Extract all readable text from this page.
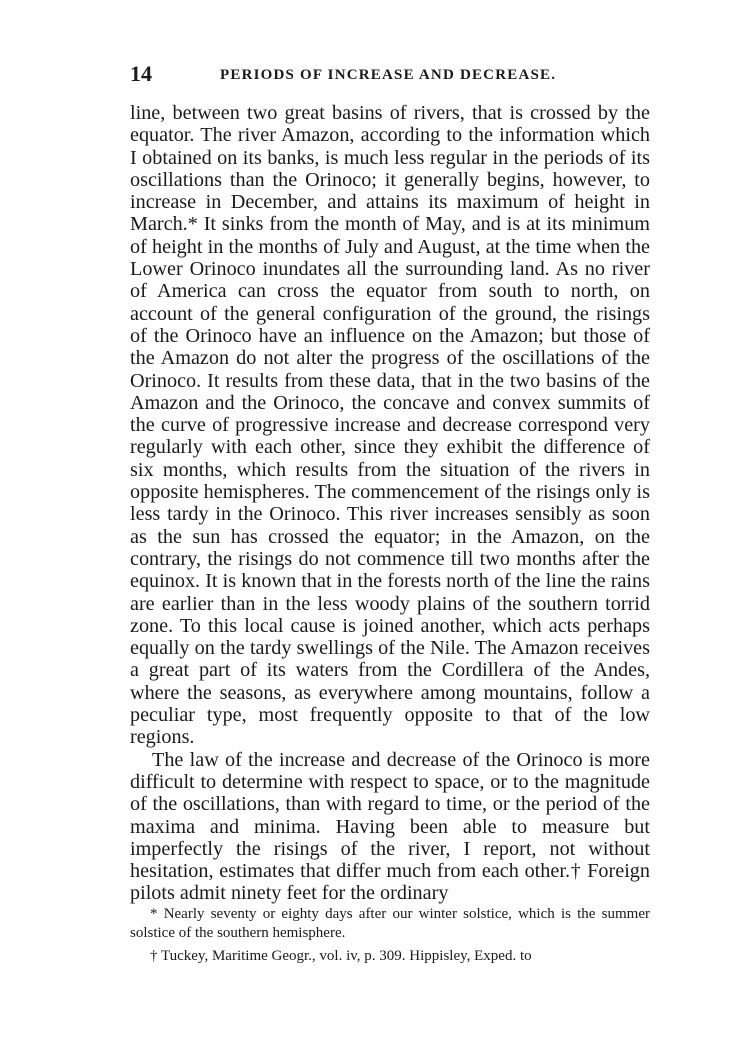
14	PERIODS OF INCREASE AND DECREASE.

line, between two great basins of rivers, that is crossed by the equator. The river Amazon, according to the information which I obtained on its banks, is much less regular in the periods of its oscillations than the Orinoco; it generally begins, however, to increase in December, and attains its maximum of height in March.* It sinks from the month of May, and is at its minimum of height in the months of July and August, at the time when the Lower Orinoco inundates all the surrounding land. As no river of America can cross the equator from south to north, on account of the general configuration of the ground, the risings of the Orinoco have an influence on the Amazon; but those of the Amazon do not alter the progress of the oscillations of the Orinoco. It results from these data, that in the two basins of the Amazon and the Orinoco, the concave and convex summits of the curve of progressive increase and decrease correspond very regularly with each other, since they exhibit the difference of six months, which results from the situation of the rivers in opposite hemispheres. The commencement of the risings only is less tardy in the Orinoco. This river increases sensibly as soon as the sun has crossed the equator; in the Amazon, on the contrary, the risings do not commence till two months after the equinox. It is known that in the forests north of the line the rains are earlier than in the less woody plains of the southern torrid zone. To this local cause is joined another, which acts perhaps equally on the tardy swellings of the Nile. The Amazon receives a great part of its waters from the Cordillera of the Andes, where the seasons, as everywhere among mountains, follow a peculiar type, most frequently opposite to that of the low regions.

The law of the increase and decrease of the Orinoco is more difficult to determine with respect to space, or to the magnitude of the oscillations, than with regard to time, or the period of the maxima and minima. Having been able to measure but imperfectly the risings of the river, I report, not without hesitation, estimates that differ much from each other.† Foreign pilots admit ninety feet for the ordinary

* Nearly seventy or eighty days after our winter solstice, which is the summer solstice of the southern hemisphere.

† Tuckey, Maritime Geogr., vol. iv, p. 309. Hippisley, Exped. to
